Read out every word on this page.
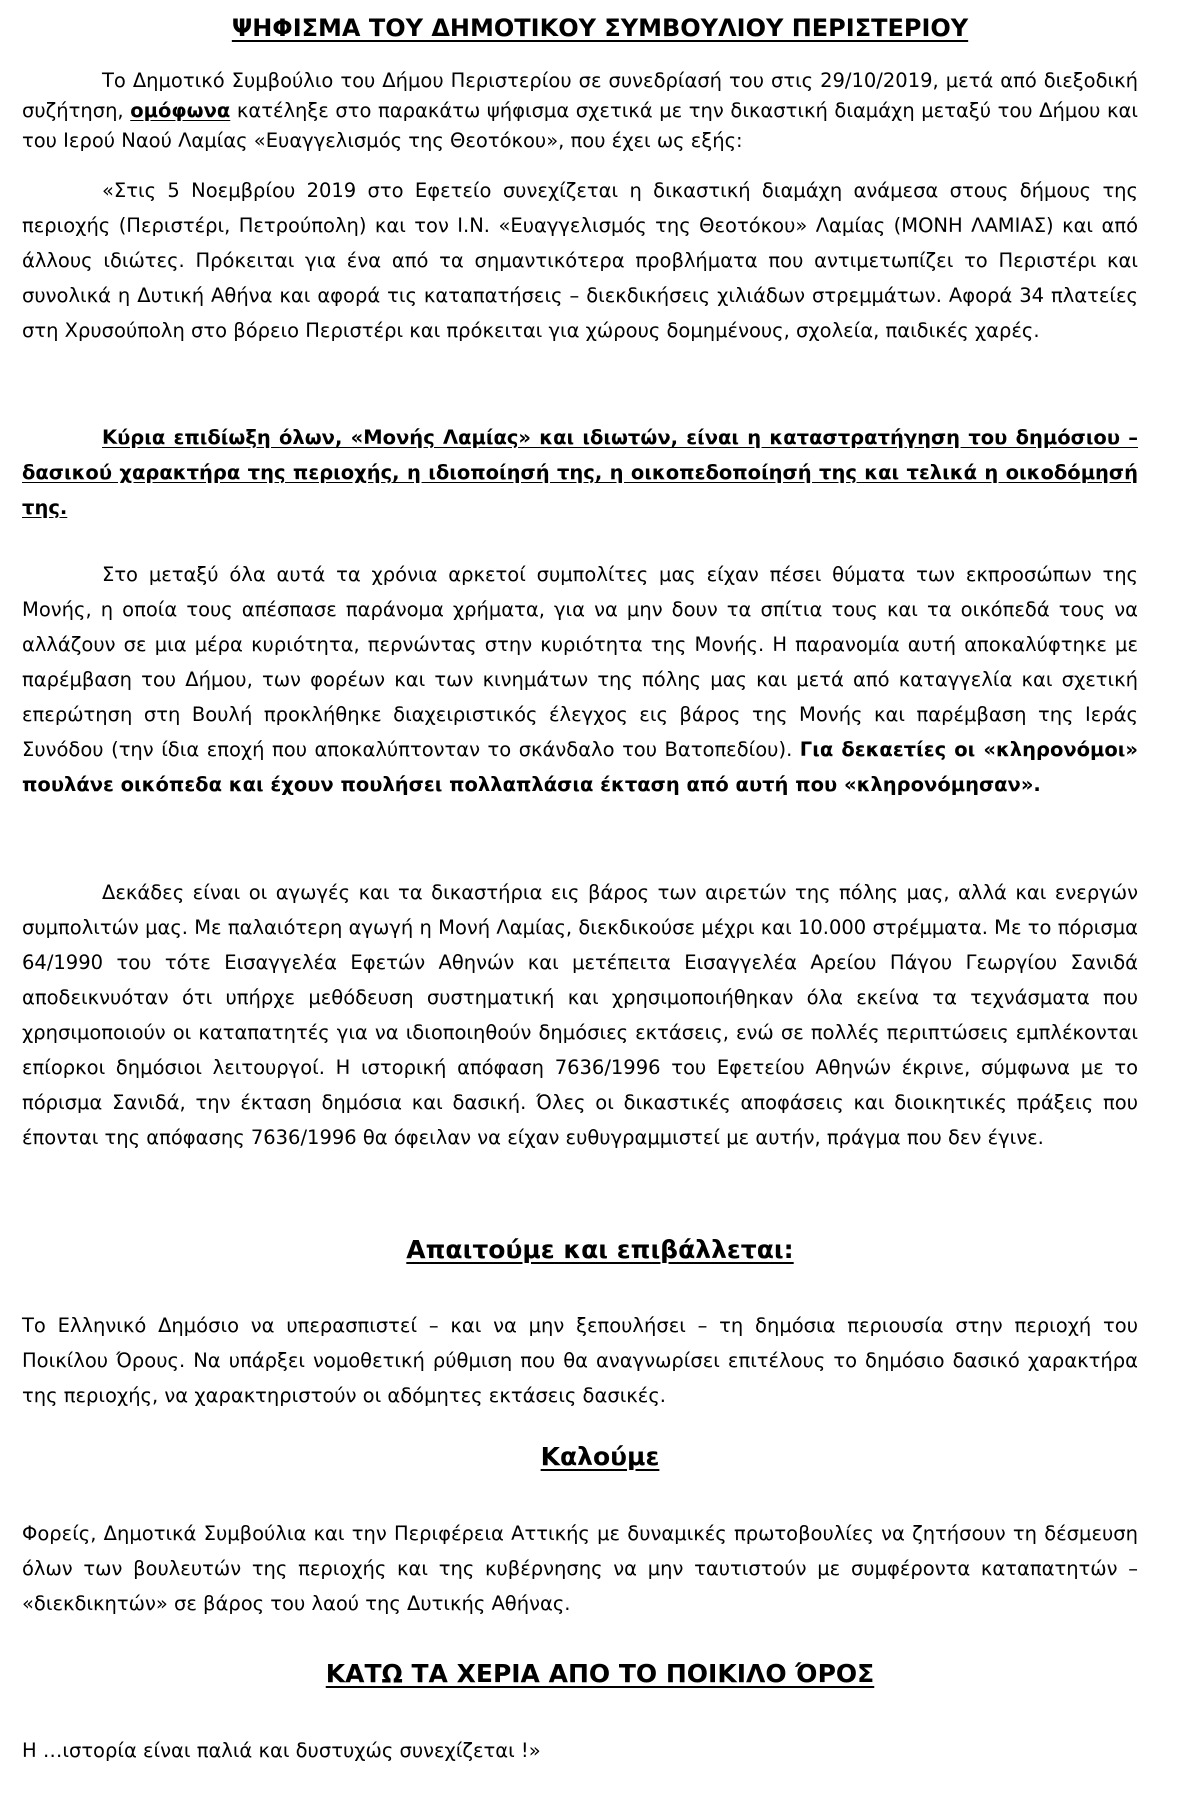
ΨΗΦΙΣΜΑ ΤΟΥ ΔΗΜΟΤΙΚΟΥ ΣΥΜΒΟΥΛΙΟΥ ΠΕΡΙΣΤΕΡΙΟΥ

Το Δημοτικό Συμβούλιο του Δήμου Περιστερίου σε συνεδρίασή του στις 29/10/2019, μετά από διεξοδική συζήτηση, ομόφωνα κατέληξε στο παρακάτω ψήφισμα σχετικά με την δικαστική διαμάχη μεταξύ του Δήμου και του Ιερού Ναού Λαμίας «Ευαγγελισμός της Θεοτόκου», που έχει ως εξής:

«Στις 5 Νοεμβρίου 2019 στο Εφετείο συνεχίζεται η δικαστική διαμάχη ανάμεσα στους δήμους της περιοχής (Περιστέρι, Πετρούπολη) και τον Ι.Ν. «Ευαγγελισμός της Θεοτόκου» Λαμίας (ΜΟΝΗ ΛΑΜΙΑΣ) και από άλλους ιδιώτες. Πρόκειται για ένα από τα σημαντικότερα προβλήματα που αντιμετωπίζει το Περιστέρι και συνολικά η Δυτική Αθήνα και αφορά τις καταπατήσεις – διεκδικήσεις χιλιάδων στρεμμάτων. Αφορά 34 πλατείες στη Χρυσούπολη στο βόρειο Περιστέρι και πρόκειται για χώρους δομημένους, σχολεία, παιδικές χαρές.

Κύρια επιδίωξη όλων, «Μονής Λαμίας» και ιδιωτών, είναι η καταστρατήγηση του δημόσιου – δασικού χαρακτήρα της περιοχής, η ιδιοποίησή της, η οικοπεδοποίησή της και τελικά η οικοδόμησή της.

Στο μεταξύ όλα αυτά τα χρόνια αρκετοί συμπολίτες μας είχαν πέσει θύματα των εκπροσώπων της Μονής, η οποία τους απέσπασε παράνομα χρήματα, για να μην δουν τα σπίτια τους και τα οικόπεδά τους να αλλάζουν σε μια μέρα κυριότητα, περνώντας στην κυριότητα της Μονής. Η παρανομία αυτή αποκαλύφτηκε με παρέμβαση του Δήμου, των φορέων και των κινημάτων της πόλης μας και μετά από καταγγελία και σχετική επερώτηση στη Βουλή προκλήθηκε διαχειριστικός έλεγχος εις βάρος της Μονής και παρέμβαση της Ιεράς Συνόδου (την ίδια εποχή που αποκαλύπτονταν το σκάνδαλο του Βατοπεδίου). Για δεκαετίες οι «κληρονόμοι» πουλάνε οικόπεδα και έχουν πουλήσει πολλαπλάσια έκταση από αυτή που «κληρονόμησαν».

Δεκάδες είναι οι αγωγές και τα δικαστήρια εις βάρος των αιρετών της πόλης μας, αλλά και ενεργών συμπολιτών μας. Με παλαιότερη αγωγή η Μονή Λαμίας, διεκδικούσε μέχρι και 10.000 στρέμματα. Με το πόρισμα 64/1990 του τότε Εισαγγελέα Εφετών Αθηνών και μετέπειτα Εισαγγελέα Αρείου Πάγου Γεωργίου Σανιδά αποδεικνυόταν ότι υπήρχε μεθόδευση συστηματική και χρησιμοποιήθηκαν όλα εκείνα τα τεχνάσματα που χρησιμοποιούν οι καταπατητές για να ιδιοποιηθούν δημόσιες εκτάσεις, ενώ σε πολλές περιπτώσεις εμπλέκονται επίορκοι δημόσιοι λειτουργοί. Η ιστορική απόφαση 7636/1996 του Εφετείου Αθηνών έκρινε, σύμφωνα με το πόρισμα Σανιδά, την έκταση δημόσια και δασική. Όλες οι δικαστικές αποφάσεις και διοικητικές πράξεις που έπονται της απόφασης 7636/1996 θα όφειλαν να είχαν ευθυγραμμιστεί με αυτήν, πράγμα που δεν έγινε.

Απαιτούμε και επιβάλλεται:

Το Ελληνικό Δημόσιο να υπερασπιστεί – και να μην ξεπουλήσει – τη δημόσια περιουσία στην περιοχή του Ποικίλου Όρους. Να υπάρξει νομοθετική ρύθμιση που θα αναγνωρίσει επιτέλους το δημόσιο δασικό χαρακτήρα της περιοχής, να χαρακτηριστούν οι αδόμητες εκτάσεις δασικές.

Καλούμε

Φορείς, Δημοτικά Συμβούλια και την Περιφέρεια Αττικής με δυναμικές πρωτοβουλίες να ζητήσουν τη δέσμευση όλων των βουλευτών της περιοχής και της κυβέρνησης να μην ταυτιστούν με συμφέροντα καταπατητών – «διεκδικητών» σε βάρος του λαού της Δυτικής Αθήνας.

ΚΑΤΩ ΤΑ ΧΕΡΙΑ ΑΠΟ ΤΟ ΠΟΙΚΙΛΟ ΌΡΟΣ

Η …ιστορία είναι παλιά και δυστυχώς συνεχίζεται !»
